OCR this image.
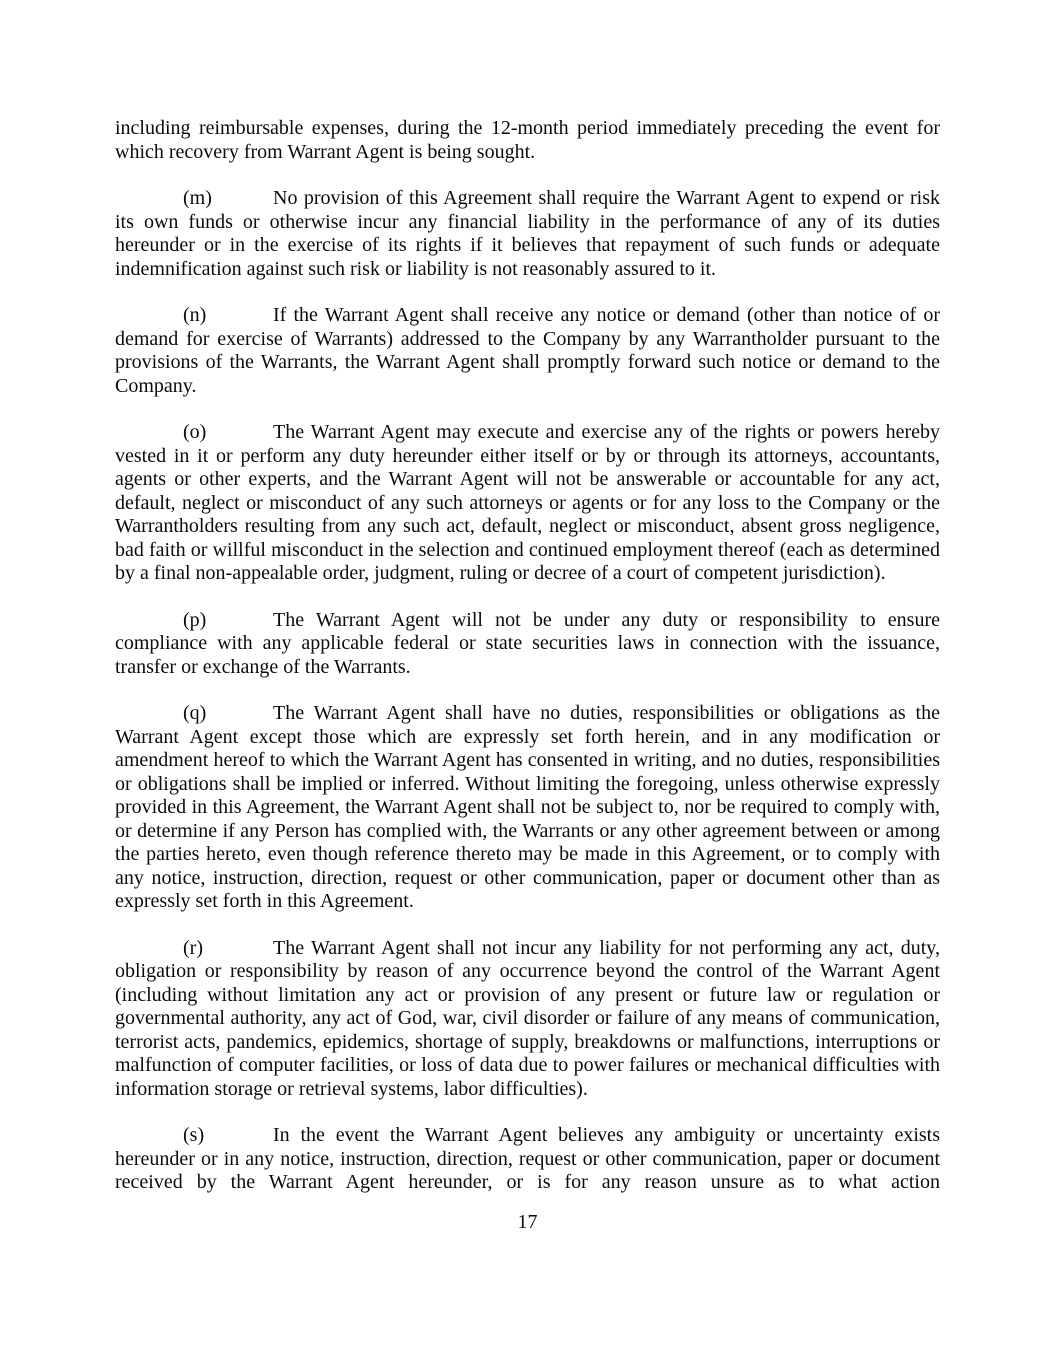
including reimbursable expenses, during the 12-month period immediately preceding the event for which recovery from Warrant Agent is being sought.

(m)	No provision of this Agreement shall require the Warrant Agent to expend or risk its own funds or otherwise incur any financial liability in the performance of any of its duties hereunder or in the exercise of its rights if it believes that repayment of such funds or adequate indemnification against such risk or liability is not reasonably assured to it.

(n)	If the Warrant Agent shall receive any notice or demand (other than notice of or demand for exercise of Warrants) addressed to the Company by any Warrantholder pursuant to the provisions of the Warrants, the Warrant Agent shall promptly forward such notice or demand to the Company.

(o)	The Warrant Agent may execute and exercise any of the rights or powers hereby vested in it or perform any duty hereunder either itself or by or through its attorneys, accountants, agents or other experts, and the Warrant Agent will not be answerable or accountable for any act, default, neglect or misconduct of any such attorneys or agents or for any loss to the Company or the Warrantholders resulting from any such act, default, neglect or misconduct, absent gross negligence, bad faith or willful misconduct in the selection and continued employment thereof (each as determined by a final non-appealable order, judgment, ruling or decree of a court of competent jurisdiction).

(p)	The Warrant Agent will not be under any duty or responsibility to ensure compliance with any applicable federal or state securities laws in connection with the issuance, transfer or exchange of the Warrants.

(q)	The Warrant Agent shall have no duties, responsibilities or obligations as the Warrant Agent except those which are expressly set forth herein, and in any modification or amendment hereof to which the Warrant Agent has consented in writing, and no duties, responsibilities or obligations shall be implied or inferred. Without limiting the foregoing, unless otherwise expressly provided in this Agreement, the Warrant Agent shall not be subject to, nor be required to comply with, or determine if any Person has complied with, the Warrants or any other agreement between or among the parties hereto, even though reference thereto may be made in this Agreement, or to comply with any notice, instruction, direction, request or other communication, paper or document other than as expressly set forth in this Agreement.

(r)	The Warrant Agent shall not incur any liability for not performing any act, duty, obligation or responsibility by reason of any occurrence beyond the control of the Warrant Agent (including without limitation any act or provision of any present or future law or regulation or governmental authority, any act of God, war, civil disorder or failure of any means of communication, terrorist acts, pandemics, epidemics, shortage of supply, breakdowns or malfunctions, interruptions or malfunction of computer facilities, or loss of data due to power failures or mechanical difficulties with information storage or retrieval systems, labor difficulties).

(s)	In the event the Warrant Agent believes any ambiguity or uncertainty exists hereunder or in any notice, instruction, direction, request or other communication, paper or document received by the Warrant Agent hereunder, or is for any reason unsure as to what action

17
